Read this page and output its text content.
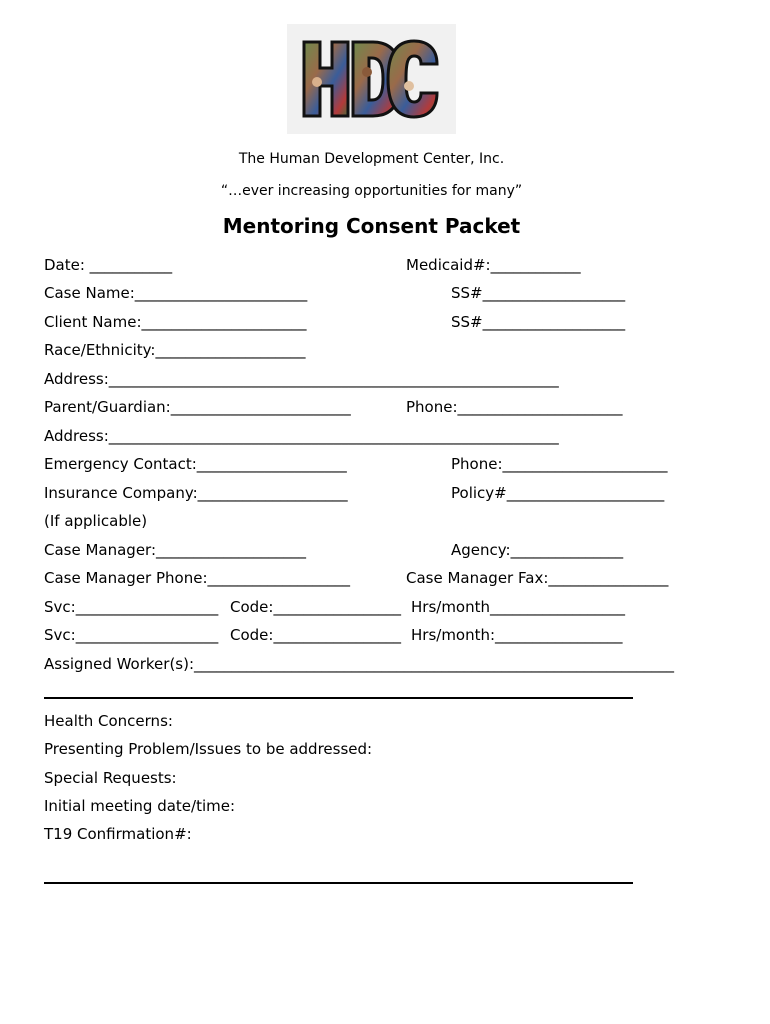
The Human Development Center, Inc.
“…ever increasing opportunities for many”
Mentoring Consent Packet
Date: ___________	Medicaid#:____________
Case Name:_______________________	SS#___________________
Client Name:______________________	SS#___________________
Race/Ethnicity:____________________
Address:____________________________________________________________
Parent/Guardian:________________________	Phone:______________________
Address:____________________________________________________________
Emergency Contact:____________________	Phone:______________________
Insurance Company:____________________	Policy#_____________________
(If applicable)
Case Manager:____________________	Agency:_______________
Case Manager Phone:___________________	Case Manager Fax:________________
Svc:___________________ Code:_________________ Hrs/month__________________
Svc:___________________ Code:_________________ Hrs/month:_________________
Assigned Worker(s):________________________________________________________________
Health Concerns:
Presenting Problem/Issues to be addressed:
Special Requests:
Initial meeting date/time:
T19 Confirmation#:
